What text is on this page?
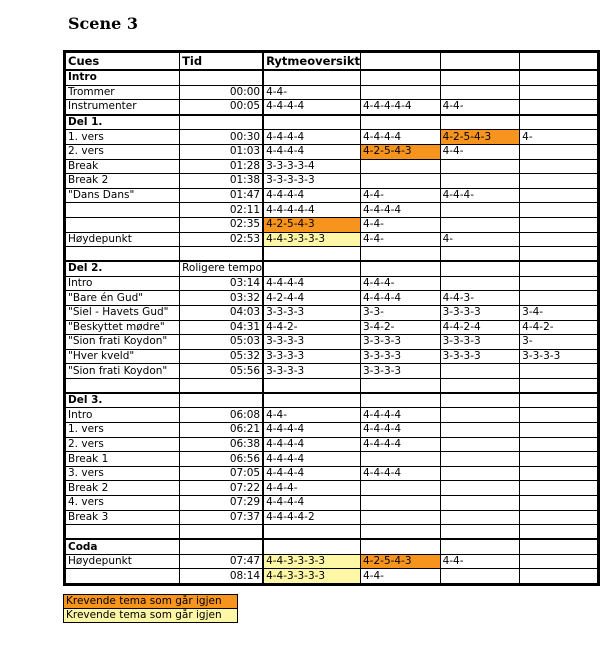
Scene 3
Cues	Tid	Rytmeoversikt			
Intro					
Trommer	00:00	4-4-			
Instrumenter	00:05	4-4-4-4	4-4-4-4-4	4-4-	
Del 1.					
1. vers	00:30	4-4-4-4	4-4-4-4	4-2-5-4-3	4-
2. vers	01:03	4-4-4-4	4-2-5-4-3	4-4-	
Break	01:28	3-3-3-3-4			
Break 2	01:38	3-3-3-3-3			
"Dans Dans"	01:47	4-4-4-4	4-4-	4-4-4-	
	02:11	4-4-4-4-4	4-4-4-4		
	02:35	4-2-5-4-3	4-4-		
Høydepunkt	02:53	4-4-3-3-3-3	4-4-	4-	

Del 2.	Roligere tempo				
Intro	03:14	4-4-4-4	4-4-4-		
"Bare én Gud"	03:32	4-2-4-4	4-4-4-4	4-4-3-	
"Siel - Havets Gud"	04:03	3-3-3-3	3-3-	3-3-3-3	3-4-
"Beskyttet mødre"	04:31	4-4-2-	3-4-2-	4-4-2-4	4-4-2-
"Sion frati Koydon"	05:03	3-3-3-3	3-3-3-3	3-3-3-3	3-
"Hver kveld"	05:32	3-3-3-3	3-3-3-3	3-3-3-3	3-3-3-3
"Sion frati Koydon"	05:56	3-3-3-3	3-3-3-3		

Del 3.					
Intro	06:08	4-4-	4-4-4-4		
1. vers	06:21	4-4-4-4	4-4-4-4		
2. vers	06:38	4-4-4-4	4-4-4-4		
Break 1	06:56	4-4-4-4			
3. vers	07:05	4-4-4-4	4-4-4-4		
Break 2	07:22	4-4-4-			
4. vers	07:29	4-4-4-4			
Break 3	07:37	4-4-4-4-2			

Coda					
Høydepunkt	07:47	4-4-3-3-3-3	4-2-5-4-3	4-4-	
	08:14	4-4-3-3-3-3	4-4-		
Krevende tema som går igjen
Krevende tema som går igjen
